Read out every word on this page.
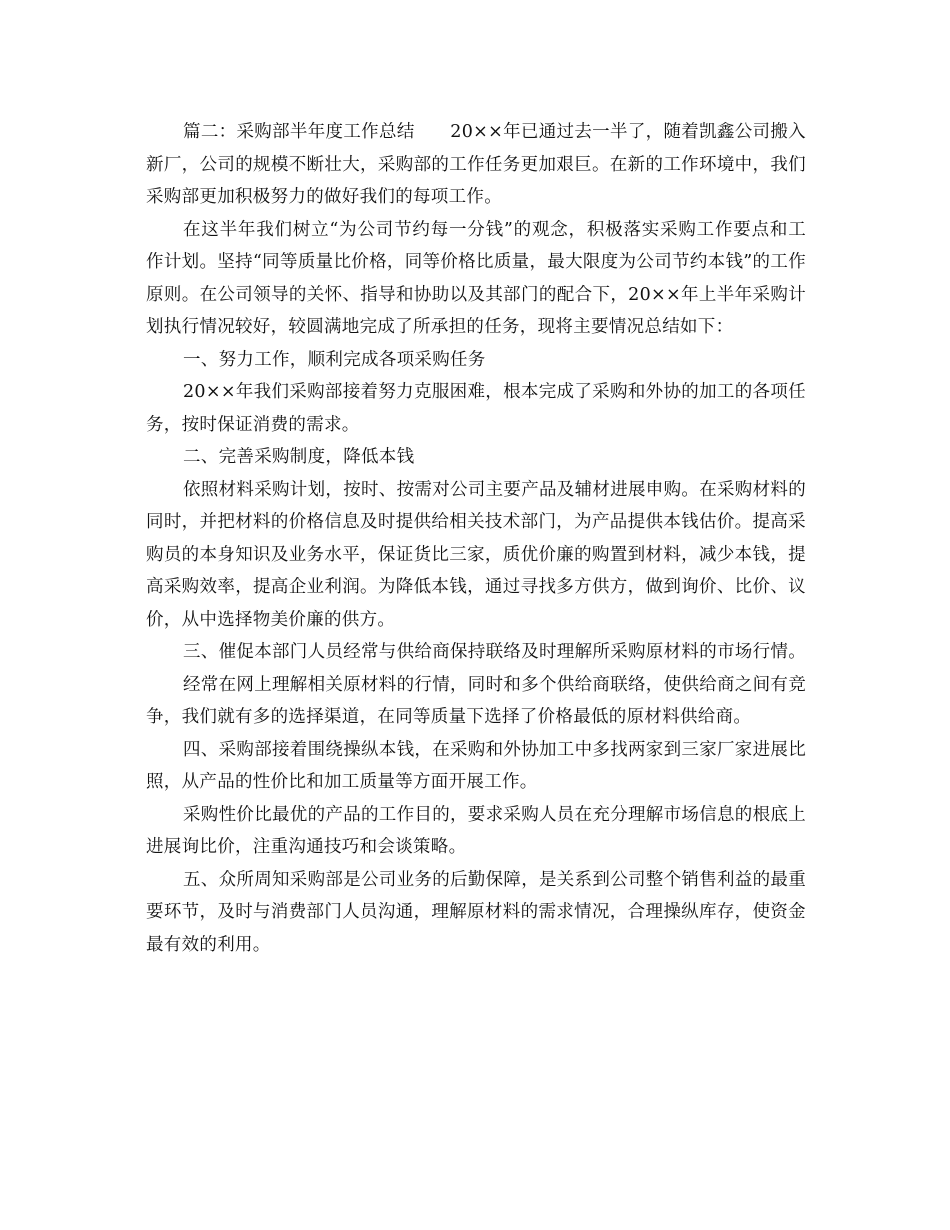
篇二：采购部半年度工作总结　　20××年已通过去一半了，随着凯鑫公司搬入新厂，公司的规模不断壮大，采购部的工作任务更加艰巨。在新的工作环境中，我们采购部更加积极努力的做好我们的每项工作。

在这半年我们树立“为公司节约每一分钱”的观念，积极落实采购工作要点和工作计划。坚持“同等质量比价格，同等价格比质量，最大限度为公司节约本钱”的工作原则。在公司领导的关怀、指导和协助以及其部门的配合下，20××年上半年采购计划执行情况较好，较圆满地完成了所承担的任务，现将主要情况总结如下：

一、努力工作，顺利完成各项采购任务

20××年我们采购部接着努力克服困难，根本完成了采购和外协的加工的各项任务，按时保证消费的需求。

二、完善采购制度，降低本钱

依照材料采购计划，按时、按需对公司主要产品及辅材进展申购。在采购材料的同时，并把材料的价格信息及时提供给相关技术部门，为产品提供本钱估价。提高采购员的本身知识及业务水平，保证货比三家，质优价廉的购置到材料，减少本钱，提高采购效率，提高企业利润。为降低本钱，通过寻找多方供方，做到询价、比价、议价，从中选择物美价廉的供方。

三、催促本部门人员经常与供给商保持联络及时理解所采购原材料的市场行情。

经常在网上理解相关原材料的行情，同时和多个供给商联络，使供给商之间有竞争，我们就有多的选择渠道，在同等质量下选择了价格最低的原材料供给商。

四、采购部接着围绕操纵本钱，在采购和外协加工中多找两家到三家厂家进展比照，从产品的性价比和加工质量等方面开展工作。

采购性价比最优的产品的工作目的，要求采购人员在充分理解市场信息的根底上进展询比价，注重沟通技巧和会谈策略。

五、众所周知采购部是公司业务的后勤保障，是关系到公司整个销售利益的最重要环节，及时与消费部门人员沟通，理解原材料的需求情况，合理操纵库存，使资金最有效的利用。
